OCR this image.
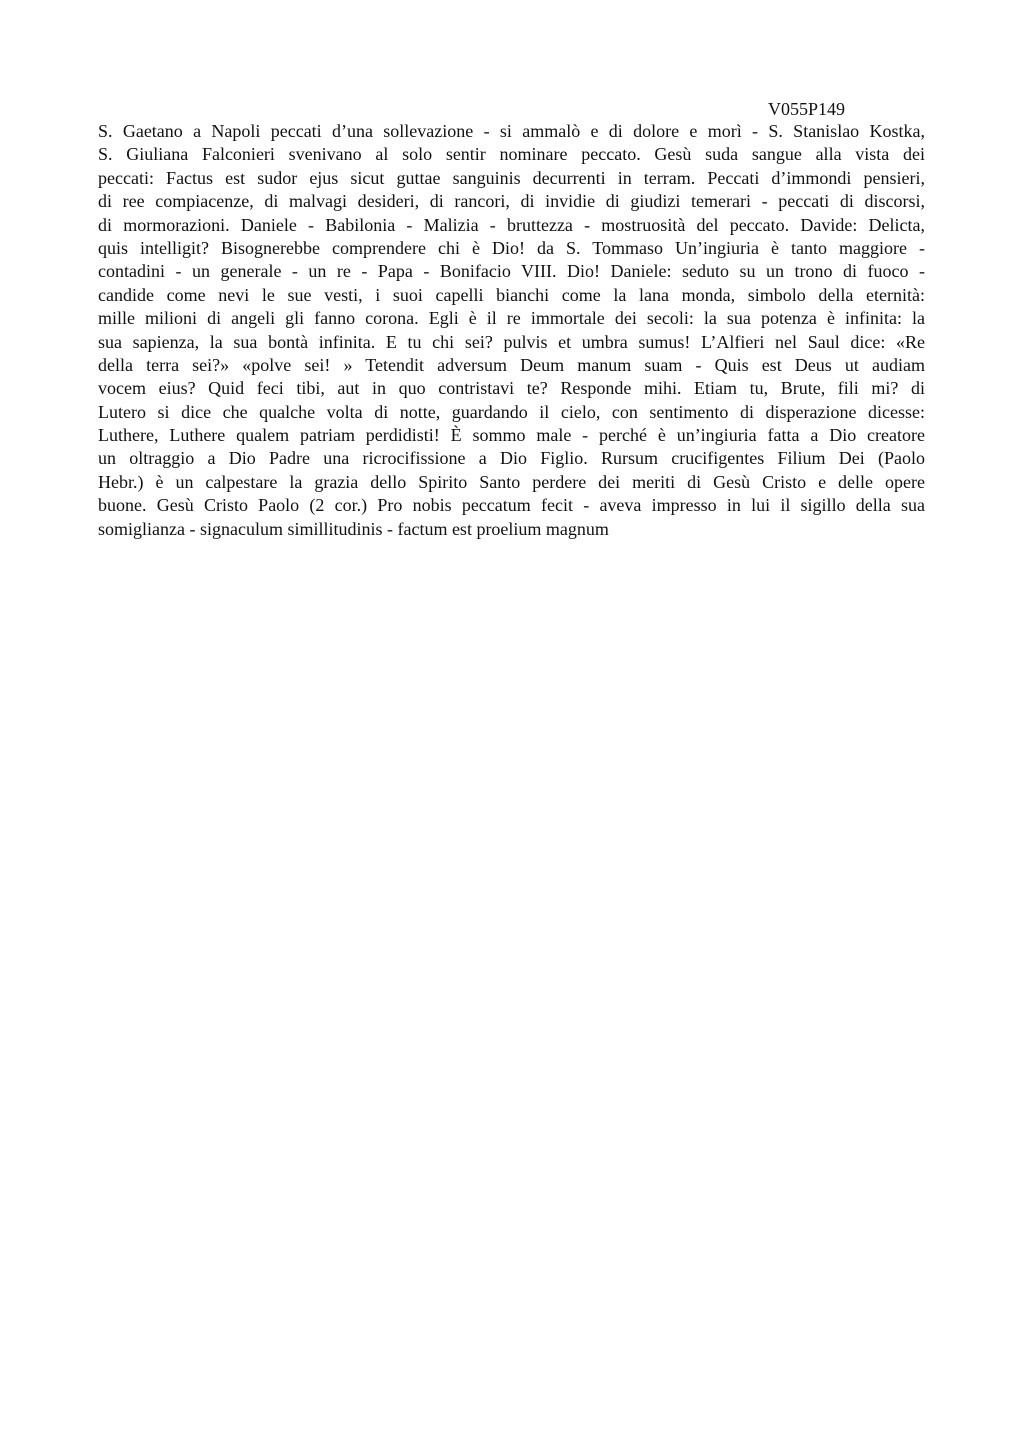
V055P149
S. Gaetano a Napoli peccati d’una sollevazione - si ammalò e di dolore e morì - S. Stanislao Kostka,
S. Giuliana Falconieri svenivano al solo sentir nominare peccato. Gesù suda sangue alla vista dei
peccati: Factus est sudor ejus sicut guttae sanguinis decurrenti in terram. Peccati d’immondi pensieri,
di ree compiacenze, di malvagi desideri, di rancori, di invidie di giudizi temerari - peccati di discorsi,
di mormorazioni. Daniele - Babilonia - Malizia - bruttezza - mostruosità del peccato. Davide: Delicta,
quis intelligit? Bisognerebbe comprendere chi è Dio! da S. Tommaso Un’ingiuria è tanto maggiore -
contadini - un generale - un re - Papa - Bonifacio VIII. Dio! Daniele: seduto su un trono di fuoco -
candide come nevi le sue vesti, i suoi capelli bianchi come la lana monda, simbolo della eternità:
mille milioni di angeli gli fanno corona. Egli è il re immortale dei secoli: la sua potenza è infinita: la
sua sapienza, la sua bontà infinita. E tu chi sei? pulvis et umbra sumus! L’Alfieri nel Saul dice: «Re
della terra sei?» «polve sei! » Tetendit adversum Deum manum suam - Quis est Deus ut audiam
vocem eius? Quid feci tibi, aut in quo contristavi te? Responde mihi. Etiam tu, Brute, fili mi? di
Lutero si dice che qualche volta di notte, guardando il cielo, con sentimento di disperazione dicesse:
Luthere, Luthere qualem patriam perdidisti! È sommo male - perché è un’ingiuria fatta a Dio creatore
un oltraggio a Dio Padre una ricrocifissione a Dio Figlio. Rursum crucifigentes Filium Dei (Paolo
Hebr.) è un calpestare la grazia dello Spirito Santo perdere dei meriti di Gesù Cristo e delle opere
buone. Gesù Cristo Paolo (2 cor.) Pro nobis peccatum fecit - aveva impresso in lui il sigillo della sua
somiglianza - signaculum simillitudinis - factum est proelium magnum
